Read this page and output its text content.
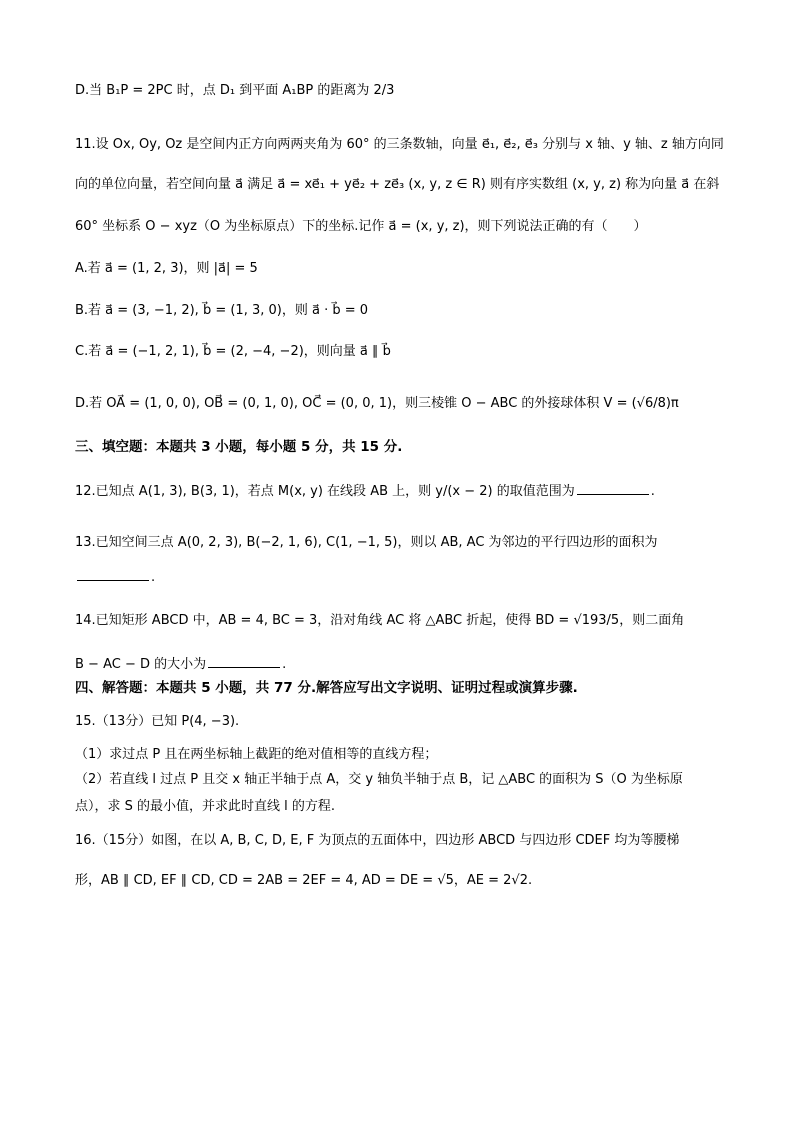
D.当 B₁P = 2PC 时，点 D₁ 到平面 A₁BP 的距离为 2/3
11.设 Ox, Oy, Oz 是空间内正方向两两夹角为 60° 的三条数轴，向量 e⃗₁, e⃗₂, e⃗₃ 分别与 x 轴、y 轴、z 轴方向同
向的单位向量，若空间向量 a⃗ 满足 a⃗ = xe⃗₁ + ye⃗₂ + ze⃗₃ (x, y, z ∈ R) 则有序实数组 (x, y, z) 称为向量 a⃗ 在斜
60° 坐标系 O − xyz（O 为坐标原点）下的坐标.记作 a⃗ = (x, y, z)，则下列说法正确的有（　　）
A.若 a⃗ = (1, 2, 3)，则 |a⃗| = 5
B.若 a⃗ = (3, −1, 2), b⃗ = (1, 3, 0)，则 a⃗ · b⃗ = 0
C.若 a⃗ = (−1, 2, 1), b⃗ = (2, −4, −2)，则向量 a⃗ ∥ b⃗
D.若 OA⃗ = (1, 0, 0), OB⃗ = (0, 1, 0), OC⃗ = (0, 0, 1)，则三棱锥 O − ABC 的外接球体积 V = (√6/8)π
三、填空题：本题共 3 小题，每小题 5 分，共 15 分.
12.已知点 A(1, 3), B(3, 1)，若点 M(x, y) 在线段 AB 上，则 y/(x − 2) 的取值范围为	.
13.已知空间三点 A(0, 2, 3), B(−2, 1, 6), C(1, −1, 5)，则以 AB, AC 为邻边的平行四边形的面积为
.
14.已知矩形 ABCD 中，AB = 4, BC = 3，沿对角线 AC 将 △ABC 折起，使得 BD = √193/5，则二面角
B − AC − D 的大小为	.
四、解答题：本题共 5 小题，共 77 分.解答应写出文字说明、证明过程或演算步骤.
15.（13分）已知 P(4, −3).
（1）求过点 P 且在两坐标轴上截距的绝对值相等的直线方程；
（2）若直线 l 过点 P 且交 x 轴正半轴于点 A，交 y 轴负半轴于点 B，记 △ABC 的面积为 S（O 为坐标原
点），求 S 的最小值，并求此时直线 l 的方程.
16.（15分）如图，在以 A, B, C, D, E, F 为顶点的五面体中，四边形 ABCD 与四边形 CDEF 均为等腰梯
形，AB ∥ CD, EF ∥ CD, CD = 2AB = 2EF = 4, AD = DE = √5，AE = 2√2.
